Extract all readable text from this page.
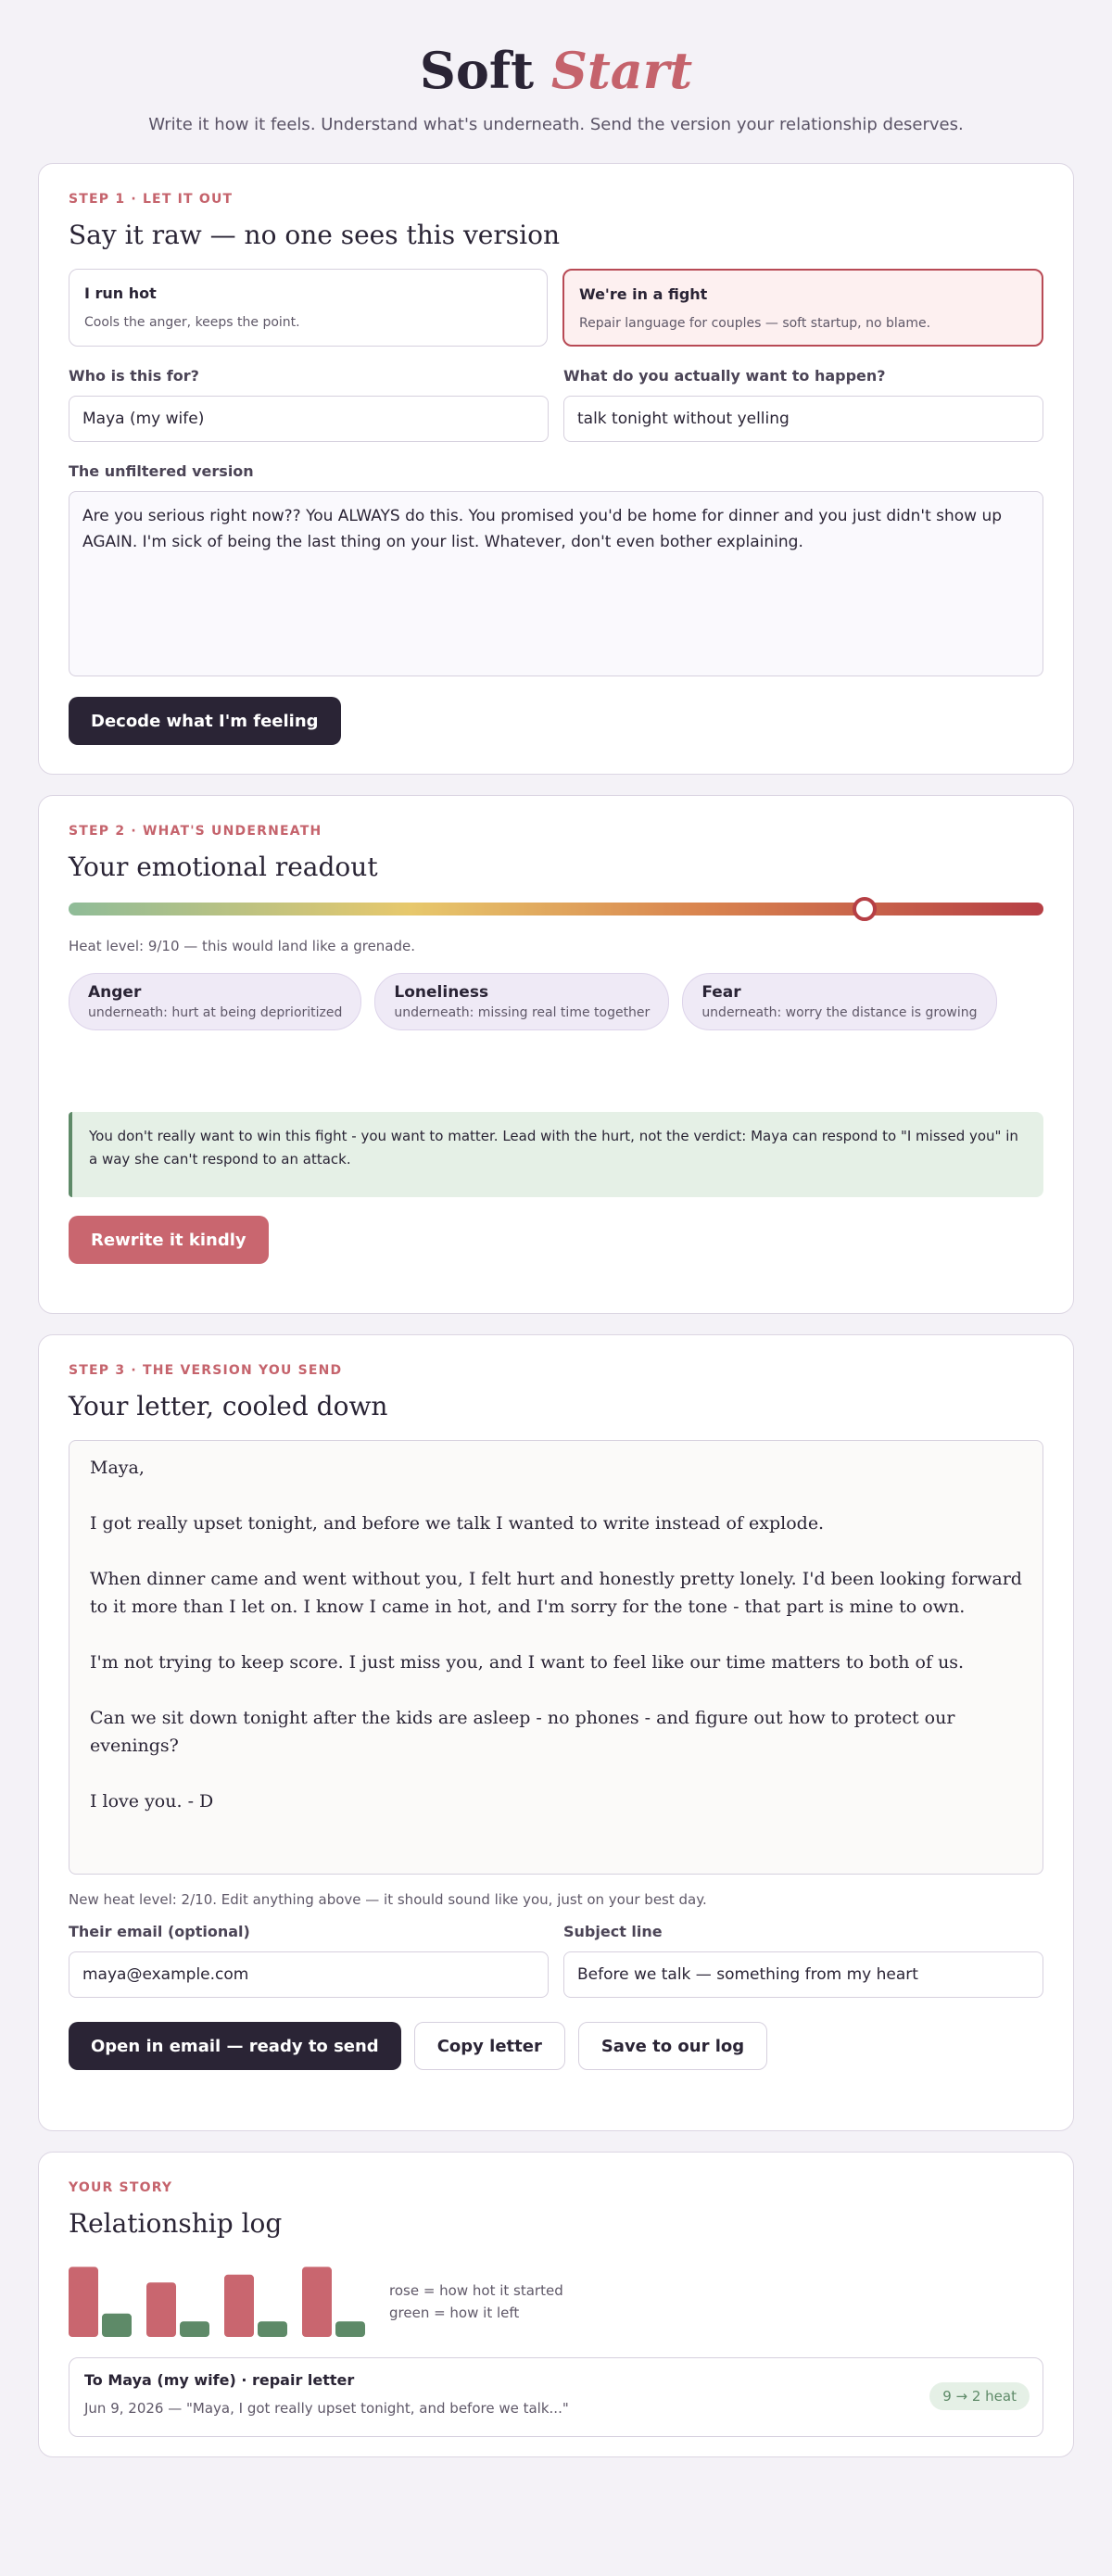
Soft Start
Write it how it feels. Understand what's underneath. Send the version your relationship deserves.
STEP 1 · LET IT OUT
Say it raw — no one sees this version
I run hot
Cools the anger, keeps the point.
We're in a fight
Repair language for couples — soft startup, no blame.
Who is this for?
Maya (my wife)
What do you actually want to happen?
talk tonight without yelling
The unfiltered version
Are you serious right now?? You ALWAYS do this. You promised you'd be home for dinner and you just didn't show up AGAIN. I'm sick of being the last thing on your list. Whatever, don't even bother explaining.
Decode what I'm feeling
STEP 2 · WHAT'S UNDERNEATH
Your emotional readout
Heat level: 9/10 — this would land like a grenade.
Anger
underneath: hurt at being deprioritized
Loneliness
underneath: missing real time together
Fear
underneath: worry the distance is growing
You don't really want to win this fight - you want to matter. Lead with the hurt, not the verdict: Maya can respond to "I missed you" in a way she can't respond to an attack.
Rewrite it kindly
STEP 3 · THE VERSION YOU SEND
Your letter, cooled down

Maya,

I got really upset tonight, and before we talk I wanted to write instead of explode.

When dinner came and went without you, I felt hurt and honestly pretty lonely. I'd been looking forward to it more than I let on. I know I came in hot, and I'm sorry for the tone - that part is mine to own.

I'm not trying to keep score. I just miss you, and I want to feel like our time matters to both of us.

Can we sit down tonight after the kids are asleep - no phones - and figure out how to protect our evenings?

I love you. - D

New heat level: 2/10. Edit anything above — it should sound like you, just on your best day.
Their email (optional)
maya@example.com
Subject line
Before we talk — something from my heart
Open in email — ready to send	Copy letter	Save to our log
YOUR STORY
Relationship log
rose = how hot it started
green = how it left
To Maya (my wife) · repair letter
Jun 9, 2026 — "Maya, I got really upset tonight, and before we talk..."
9 → 2 heat
